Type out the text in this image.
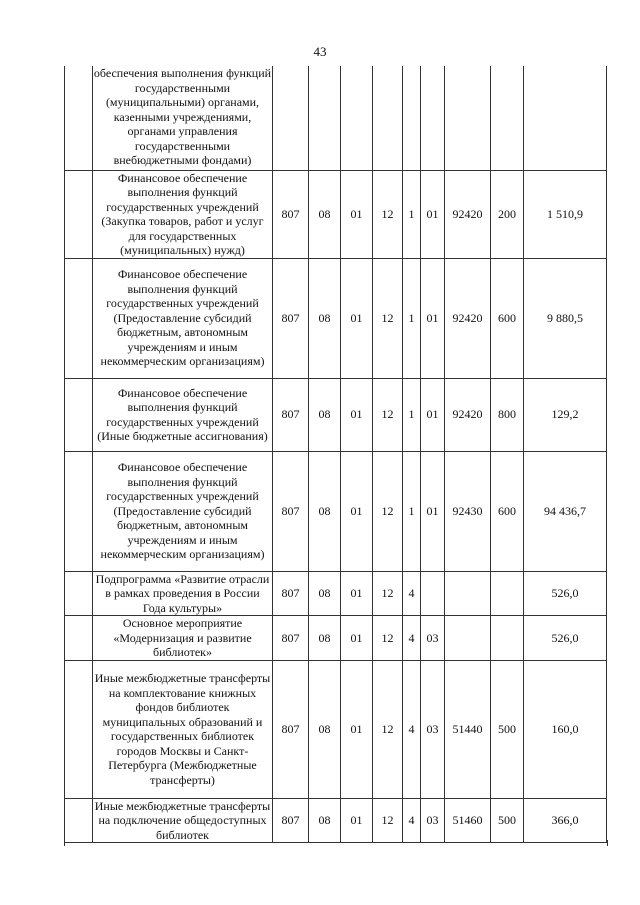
43
	обеспечения выполнения функций государственными (муниципальными) органами, казенными учреждениями, органами управления государственными внебюджетными фондами)									
	Финансовое обеспечение выполнения функций государственных учреждений (Закупка товаров, работ и услуг для государственных (муниципальных) нужд)	807	08	01	12	1	01	92420	200	1 510,9
	Финансовое обеспечение выполнения функций государственных учреждений (Предоставление субсидий бюджетным, автономным учреждениям и иным некоммерческим организациям)	807	08	01	12	1	01	92420	600	9 880,5
	Финансовое обеспечение выполнения функций государственных учреждений (Иные бюджетные ассигнования)	807	08	01	12	1	01	92420	800	129,2
	Финансовое обеспечение выполнения функций государственных учреждений (Предоставление субсидий бюджетным, автономным учреждениям и иным некоммерческим организациям)	807	08	01	12	1	01	92430	600	94 436,7
	Подпрограмма «Развитие отрасли в рамках проведения в России Года культуры»	807	08	01	12	4				526,0
	Основное мероприятие «Модернизация и развитие библиотек»	807	08	01	12	4	03			526,0
	Иные межбюджетные трансферты на комплектование книжных фондов библиотек муниципальных образований и государственных библиотек городов Москвы и Санкт-Петербурга (Межбюджетные трансферты)	807	08	01	12	4	03	51440	500	160,0
	Иные межбюджетные трансферты на подключение общедоступных библиотек	807	08	01	12	4	03	51460	500	366,0
